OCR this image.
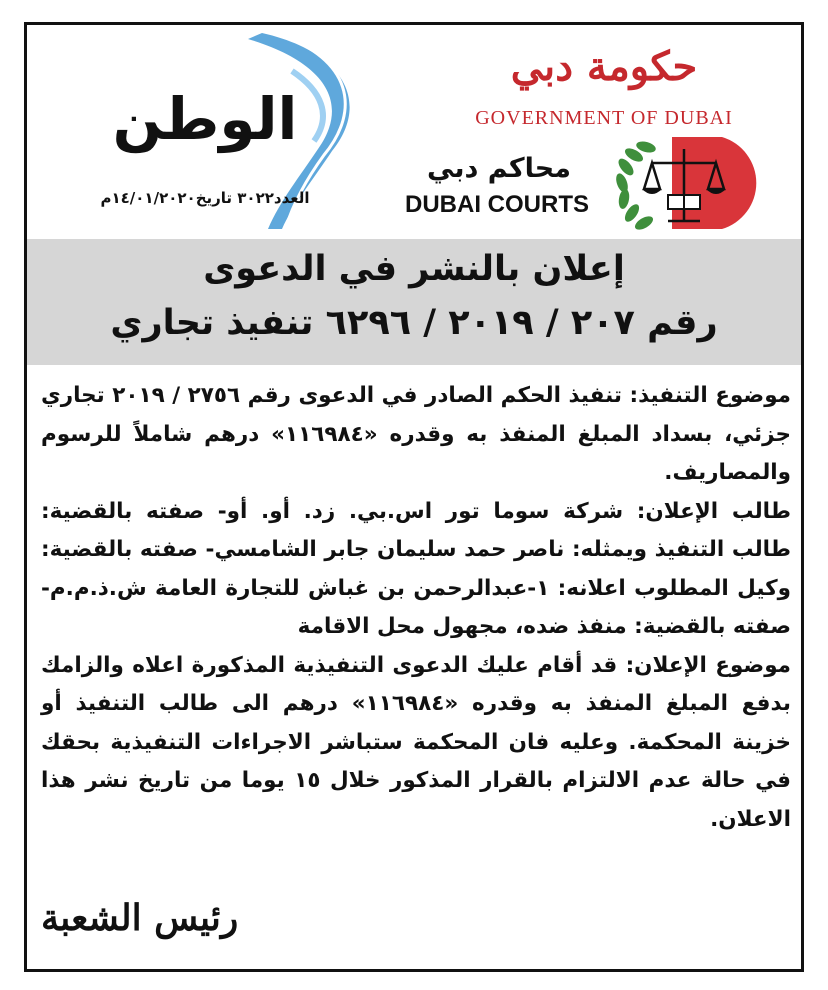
حكومة دبي
GOVERNMENT OF DUBAI
محاكم دبي
DUBAI COURTS
الوطن
العدد٣٠٢٢ تاريخ١٤/٠١/٢٠٢٠م
إعلان بالنشر في الدعوى
رقم ٢٠٧ / ٢٠١٩ / ٦٢٩٦ تنفيذ تجاري

موضوع التنفيذ: تنفيذ الحكم الصادر في الدعوى رقم ٢٧٥٦ / ٢٠١٩ تجاري جزئي، بسداد المبلغ المنفذ به وقدره «١١٦٩٨٤» درهم شاملاً للرسوم والمصاريف.

طالب الإعلان: شركة سوما تور اس.بي. زد. أو. أو- صفته بالقضية: طالب التنفيذ ويمثله: ناصر حمد سليمان جابر الشامسي- صفته بالقضية: وكيل المطلوب اعلانه: ١-عبدالرحمن بن غباش للتجارة العامة ش.ذ.م.م- صفته بالقضية: منفذ ضده، مجهول محل الاقامة

موضوع الإعلان: قد أقام عليك الدعوى التنفيذية المذكورة اعلاه والزامك بدفع المبلغ المنفذ به وقدره «١١٦٩٨٤» درهم الى طالب التنفيذ أو خزينة المحكمة. وعليه فان المحكمة ستباشر الاجراءات التنفيذية بحقك في حالة عدم الالتزام بالقرار المذكور خلال ١٥ يوما من تاريخ نشر هذا الاعلان.

رئيس الشعبة
